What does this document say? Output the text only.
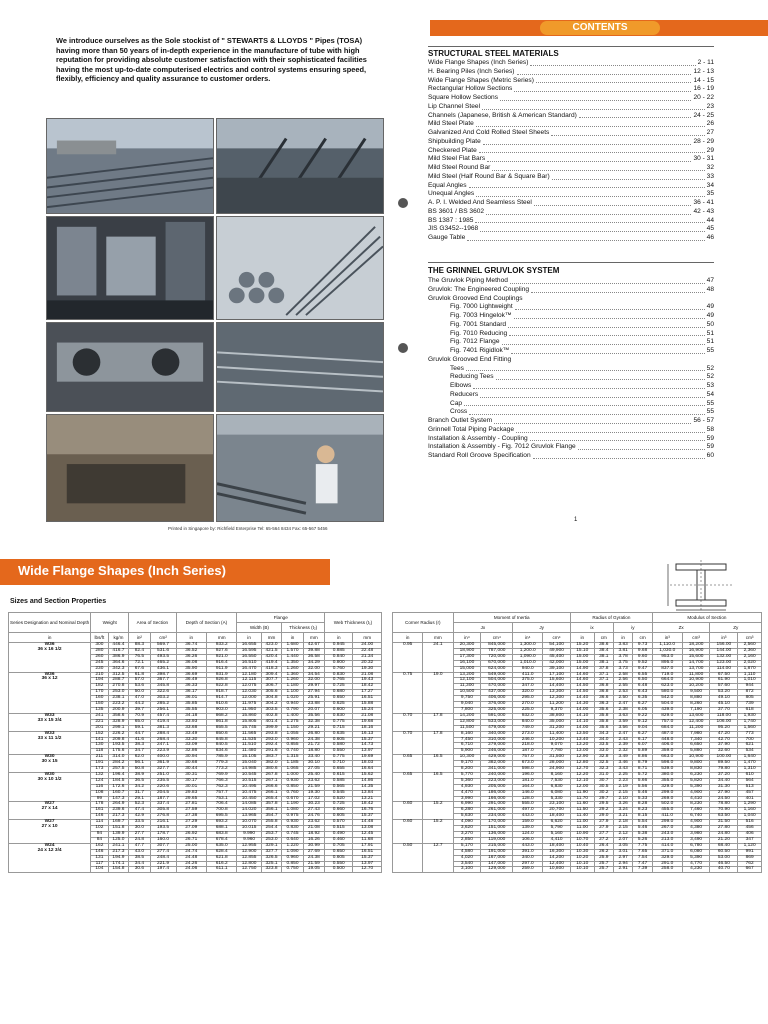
We introduce ourselves as the Sole stockist of " STEWARTS & LLOYDS " Pipes (TOSA) having more than 50 years of in-depth experience in the manufacture of tube with high reputation for providing absolute customer satisfaction with their sophisticated facilities having the most up-to-date computerised electrics and control systems ensuring speed, flexibly, efficiency and quality assurance to customer orders.
Printed in Singapore by: Richfield Enterprise Tel: 65-564 8434 Fax: 65-567 5456
CONTENTS
STRUCTURAL STEEL MATERIALS
Wide Flange Shapes (Inch Series)	2 - 11
H. Bearing Piles (Inch Series)	12 - 13
Wide Flange Shapes (Metric Series)	14 - 15
Rectangular Hollow Sections	16 - 19
Square Hollow Sections	20 - 22
Lip Channel Steel	23
Channels (Japanese, British & American Standard)	24 - 25
Mild Steel Plate	26
Galvanized And Cold Rolled Steel Sheets	27
Shipbuilding Plate	28 - 29
Checkered Plate	29
Mild Steel Flat Bars	30 - 31
Mild Steel Round Bar	32
Mild Steel (Half Round Bar & Square Bar)	33
Equal Angles	34
Unequal Angles	35
A. P. I. Welded And Seamless Steel	36 - 41
BS 3601 / BS 3602	42 - 43
BS 1387 : 1985	44
JIS G3452--1968	45
Gauge Table	46
THE GRINNEL GRUVLOK SYSTEM
The Gruvlok Piping Method	47
Gruvlok: The Engineered Coupling	48
Gruvlok Grooved End Couplings
Fig. 7000 Lightweight	49
Fig. 7003 Hingelok™	49
Fig. 7001 Standard	50
Fig. 7010 Reducing	51
Fig. 7012 Flange	51
Fig. 7401 Rigidlok™	55
Gruvlok Grooved End Fitting
Tees	52
Reducing Tees	52
Elbows	53
Reducers	54
Cap	55
Cross	55
Branch Outlet System	56 - 57
Grinnell Total Piping Package	58
Installation & Assembly - Coupling	59
Installation & Assembly - Fig. 7012 Gruvlok Flange	59
Standard Roll Groove Specification	60
1
Wide Flange Shapes (Inch Series)
Sizes and Section Properties
Series Designation and Nominal Depth	Weight		Area of Section		Depth of Section (A)		Flange				Web Thickness (t₁)	
							Width (B)		Thickness (t₂)			
in	lbs/ft	kg/m	in²	cm²	in	mm	in	mm	in	mm	in	mm
W36
36 x 16 1/2	300	446.4	88.3	569.7	36.74	933.2	16.655	423.0	1.680	42.67	0.945	24.00
	280	416.7	82.4	531.6	36.52	927.6	16.595	421.5	1.570	39.88	0.885	22.48
	260	386.9	76.5	493.5	36.26	921.0	16.550	420.4	1.440	36.58	0.840	21.34
	245	364.6	72.1	465.2	36.08	916.4	16.510	419.4	1.350	34.29	0.800	20.32
	230	342.3	67.6	436.1	35.90	911.9	16.470	418.3	1.260	32.00	0.760	19.30
W36
36 x 12	210	312.5	61.8	398.7	36.69	931.9	12.180	309.4	1.360	34.54	0.830	21.08
	194	288.7	57.0	367.7	36.49	926.8	12.115	307.7	1.260	32.00	0.765	19.43
	182	270.8	53.6	345.8	36.33	922.8	12.075	306.7	1.180	29.97	0.725	18.42
	170	253.0	50.0	322.6	36.17	918.7	12.030	305.6	1.100	27.94	0.680	17.27
	160	238.1	47.0	303.2	36.01	914.7	12.000	304.8	1.020	25.91	0.650	16.51
	150	223.2	44.2	285.2	35.85	910.6	11.975	304.2	0.940	23.88	0.625	15.88
	135	200.9	39.7	256.1	35.55	903.0	11.950	303.5	0.790	20.07	0.600	15.24
W33
33 x 15 3/4	241	358.6	70.9	457.4	34.18	868.2	15.860	402.8	1.400	35.56	0.830	21.08
	221	328.9	65.0	419.4	33.93	861.8	15.805	401.4	1.275	32.38	0.775	19.68
	201	299.1	59.1	381.3	33.68	855.5	15.745	399.9	1.150	29.21	0.715	18.16
W33
33 x 11 1/2	152	226.2	44.7	288.4	33.49	850.6	11.565	293.8	1.055	26.80	0.635	16.13
	141	209.8	41.6	268.4	33.30	845.8	11.535	293.0	0.960	24.38	0.605	15.37
	130	193.5	38.3	247.1	33.09	840.5	11.510	292.4	0.855	21.72	0.580	14.73
	118	175.6	34.7	223.9	32.86	834.6	11.480	291.6	0.740	18.80	0.550	13.97
W30
30 x 15	211	314.0	62.0	400.0	30.94	785.9	15.105	383.7	1.315	33.40	0.775	19.69
	191	284.2	56.1	361.9	30.68	779.3	15.040	382.0	1.185	30.10	0.710	18.03
	173	257.5	50.8	327.7	30.44	773.2	14.985	380.6	1.065	27.05	0.655	16.64
W30
30 x 10 1/2	132	196.4	38.9	251.0	30.31	769.9	10.545	267.8	1.000	25.40	0.615	15.62
	124	184.5	36.5	235.5	30.17	766.3	10.515	267.1	0.930	23.62	0.585	14.86
	116	172.6	34.2	220.6	30.01	762.3	10.495	266.6	0.850	21.59	0.565	14.35
	108	160.7	31.7	204.5	29.83	757.7	10.475	266.1	0.760	19.30	0.545	13.84
	99	147.3	29.1	187.7	29.65	753.1	10.450	265.4	0.670	17.02	0.520	13.21
W27
27 x 14	178	264.9	52.3	337.4	27.81	706.4	14.085	357.8	1.190	30.23	0.725	18.42
	161	239.6	47.4	305.8	27.59	700.8	14.020	356.1	1.080	27.43	0.660	16.76
	146	217.3	42.9	276.8	27.38	695.5	13.965	354.7	0.975	24.76	0.605	15.37
W27
27 x 10	114	169.7	33.5	216.1	27.29	693.2	10.070	255.8	0.930	23.62	0.570	14.48
	102	151.8	30.0	193.5	27.09	688.1	10.015	254.4	0.830	21.08	0.515	13.08
	94	139.9	27.7	178.7	26.92	683.8	9.990	253.7	0.745	18.92	0.490	12.45
	84	125.0	24.8	160.0	26.71	678.4	9.960	253.0	0.640	16.26	0.460	11.68
W24
24 x 12 3/4	162	241.1	47.7	307.7	25.00	635.0	12.955	329.1	1.220	30.99	0.705	17.91
	146	217.3	43.0	277.4	24.74	628.4	12.900	327.7	1.090	27.69	0.650	16.51
	131	194.9	38.5	248.4	24.48	621.8	12.855	326.5	0.960	24.38	0.605	15.37
	117	174.1	34.4	221.9	24.26	616.2	12.800	325.1	0.850	21.59	0.550	13.97
	104	154.8	30.6	197.4	24.06	611.1	12.750	323.8	0.750	19.05	0.500	12.70
Corner Radius (r)		Moment of Inertia				Radius of Gyration				Modulus of Section			
		Jx		Jy		ix		iy		Zx		Zy	
in	mm	in⁴	cm⁴	in⁴	cm⁴	in	cm	in	cm	in³	cm³	in³	cm³
0.95	24.1	20,300	845,000	1,300.0	54,100	15.20	38.6	3.83	9.73	1,110.0	18,200	156.00	2,560
		18,900	787,000	1,200.0	49,900	15.10	38.4	3.81	9.68	1,030.0	16,900	144.00	2,360
		17,300	720,000	1,090.0	45,400	15.00	38.1	3.78	9.60	953.0	15,600	132.00	2,160
		16,100	670,000	1,010.0	42,000	15.00	38.1	3.75	9.52	895.0	14,700	123.00	2,020
		15,000	624,000	940.0	39,100	14.90	37.8	3.73	9.47	837.0	13,700	114.00	1,870
0.75	19.0	13,200	549,000	411.0	17,100	14.60	37.1	2.58	6.55	719.0	11,800	67.50	1,110
		12,100	504,000	375.0	15,600	14.60	37.1	2.56	6.50	664.0	10,900	61.90	1,010
		11,300	470,000	347.0	14,400	14.50	36.8	2.55	6.48	623.0	10,200	57.60	944
		10,500	437,000	320.0	13,300	14.50	36.8	2.53	6.43	580.0	9,500	53.20	872
		9,750	406,000	295.0	12,300	14.40	36.6	2.50	6.35	542.0	8,880	49.10	805
		9,040	376,000	270.0	11,200	14.30	36.3	2.47	6.27	504.0	8,260	45.10	739
		7,800	325,000	225.0	9,370	14.00	35.6	2.38	6.05	439.0	7,190	37.70	618
0.70	17.8	14,200	591,000	932.0	38,800	14.10	35.8	3.63	9.22	829.0	13,600	118.00	1,930
		12,800	533,000	840.0	35,000	14.10	35.8	3.59	9.12	757.0	12,400	106.00	1,740
		11,500	479,000	749.0	31,200	14.00	35.6	3.56	9.04	684.0	11,200	95.20	1,560
0.70	17.8	8,160	340,000	273.0	11,400	13.50	34.3	2.47	6.27	487.0	7,980	47.20	773
		7,450	310,000	246.0	10,200	13.40	34.0	2.43	6.17	448.0	7,340	42.70	700
		6,710	279,000	218.0	9,070	13.20	33.5	2.39	6.07	406.0	6,650	37.90	621
		5,900	246,000	187.0	7,780	13.00	33.0	2.32	5.89	359.0	5,880	32.60	534
0.65	16.5	10,300	429,000	757.0	31,500	12.90	32.8	3.49	8.86	663.0	10,900	100.00	1,640
		9,170	382,000	673.0	28,000	12.80	32.5	3.46	8.79	598.0	9,800	89.50	1,470
		8,200	341,000	598.0	24,900	12.70	32.3	3.43	8.71	539.0	8,830	79.80	1,310
0.65	16.5	5,770	240,000	196.0	8,160	12.20	31.0	2.25	5.72	380.0	6,230	37.20	610
		5,360	223,000	181.0	7,530	12.10	30.7	2.23	5.66	355.0	5,820	34.40	564
		4,930	205,000	164.0	6,830	12.00	30.5	2.19	5.56	329.0	5,390	31.30	513
		4,470	186,000	146.0	6,080	11.90	30.2	2.15	5.46	299.0	4,900	27.90	457
		3,990	166,000	128.0	5,330	11.70	29.7	2.10	5.33	269.0	4,410	24.50	401
0.60	15.2	6,990	291,000	555.0	23,100	11.60	29.5	3.26	8.28	502.0	8,230	78.80	1,290
		6,280	261,000	497.0	20,700	11.50	29.2	3.24	8.23	455.0	7,460	70.90	1,160
		5,630	234,000	443.0	18,400	11.40	29.0	3.21	8.15	411.0	6,740	63.50	1,040
0.60	15.2	4,090	170,000	159.0	6,620	11.00	27.9	2.18	5.54	299.0	4,900	31.50	516
		3,620	151,000	139.0	5,790	11.00	27.9	2.15	5.46	267.0	4,380	27.80	456
		3,270	136,000	124.0	5,160	10.90	27.7	2.12	5.38	243.0	3,980	24.80	406
		2,850	119,000	106.0	4,410	10.70	27.2	2.07	5.26	213.0	3,490	21.20	347
0.50	12.7	5,170	215,000	443.0	18,400	10.40	26.4	3.05	7.75	414.0	6,780	68.40	1,120
		4,580	191,000	391.0	16,300	10.30	26.2	3.01	7.65	371.0	6,080	60.50	991
		4,020	167,000	340.0	14,200	10.20	25.9	2.97	7.54	329.0	5,390	53.00	869
		3,540	147,000	297.0	12,400	10.10	25.7	2.94	7.47	291.0	4,770	46.50	762
		3,100	129,000	259.0	10,800	10.10	25.7	2.91	7.39	258.0	4,230	40.70	667
